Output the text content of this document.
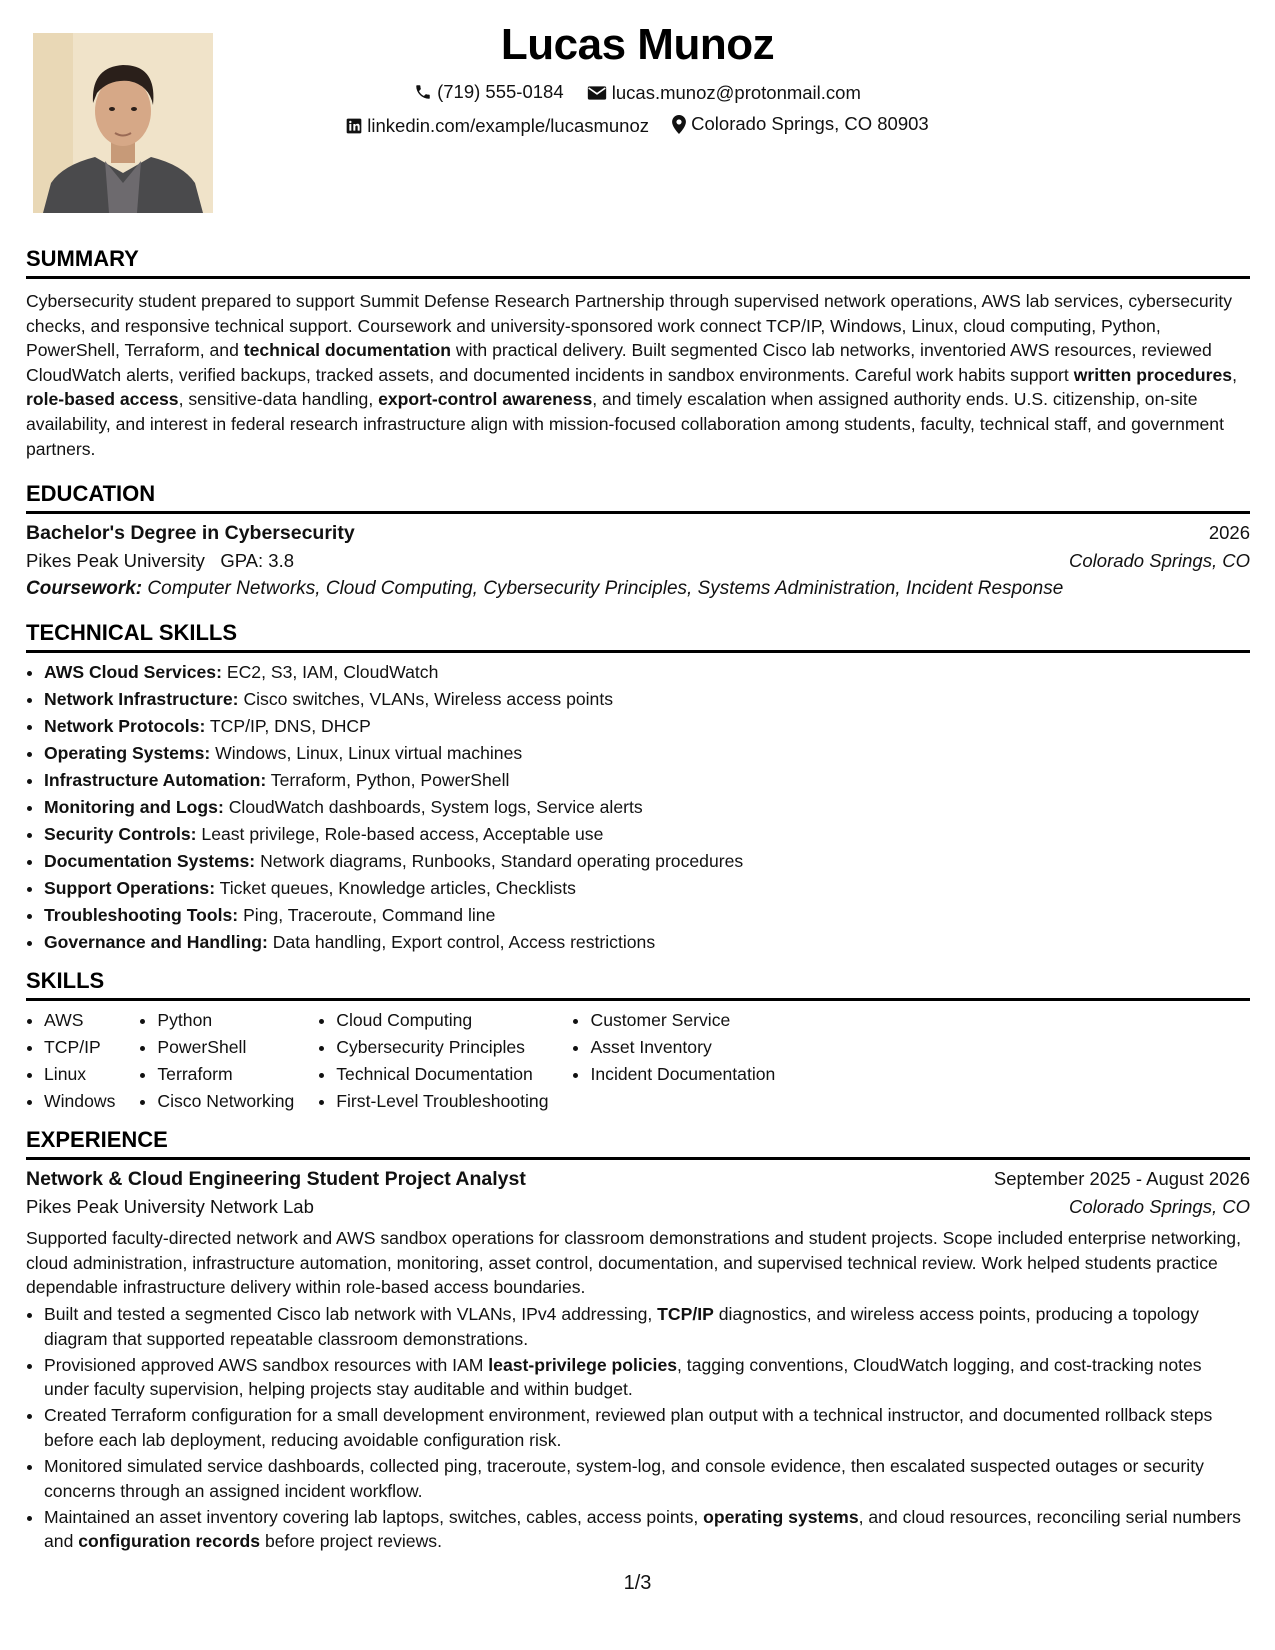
Lucas Munoz
(719) 555-0184
	lucas.munoz@protonmail.com
linkedin.com/example/lucasmunoz
Colorado Springs, CO 80903
SUMMARY

Cybersecurity student prepared to support Summit Defense Research Partnership through supervised network operations, AWS lab services, cybersecurity checks, and responsive technical support. Coursework and university-sponsored work connect TCP/IP, Windows, Linux, cloud computing, Python, PowerShell, Terraform, and technical documentation with practical delivery. Built segmented Cisco lab networks, inventoried AWS resources, reviewed CloudWatch alerts, verified backups, tracked assets, and documented incidents in sandbox environments. Careful work habits support written procedures, role-based access, sensitive-data handling, export-control awareness, and timely escalation when assigned authority ends. U.S. citizenship, on-site availability, and interest in federal research infrastructure align with mission-focused collaboration among students, faculty, technical staff, and government partners.

EDUCATION
Bachelor's Degree in Cybersecurity	2026
Pikes Peak University GPA: 3.8	Colorado Springs, CO
Coursework: Computer Networks, Cloud Computing, Cybersecurity Principles, Systems Administration, Incident Response
TECHNICAL SKILLS
• AWS Cloud Services: EC2, S3, IAM, CloudWatch
• Network Infrastructure: Cisco switches, VLANs, Wireless access points
• Network Protocols: TCP/IP, DNS, DHCP
• Operating Systems: Windows, Linux, Linux virtual machines
• Infrastructure Automation: Terraform, Python, PowerShell
• Monitoring and Logs: CloudWatch dashboards, System logs, Service alerts
• Security Controls: Least privilege, Role-based access, Acceptable use
• Documentation Systems: Network diagrams, Runbooks, Standard operating procedures
• Support Operations: Ticket queues, Knowledge articles, Checklists
• Troubleshooting Tools: Ping, Traceroute, Command line
• Governance and Handling: Data handling, Export control, Access restrictions
SKILLS
• AWS
• TCP/IP
• Linux
• Windows
• Python
• PowerShell
• Terraform
• Cisco Networking
• Cloud Computing
• Cybersecurity Principles
• Technical Documentation
• First-Level Troubleshooting
• Customer Service
• Asset Inventory
• Incident Documentation
EXPERIENCE
Network & Cloud Engineering Student Project Analyst	September 2025 - August 2026
Pikes Peak University Network Lab	Colorado Springs, CO

Supported faculty-directed network and AWS sandbox operations for classroom demonstrations and student projects. Scope included enterprise networking, cloud administration, infrastructure automation, monitoring, asset control, documentation, and supervised technical review. Work helped students practice dependable infrastructure delivery within role-based access boundaries.

• Built and tested a segmented Cisco lab network with VLANs, IPv4 addressing, TCP/IP diagnostics, and wireless access points, producing a topology diagram that supported repeatable classroom demonstrations.
• Provisioned approved AWS sandbox resources with IAM least-privilege policies, tagging conventions, CloudWatch logging, and cost-tracking notes under faculty supervision, helping projects stay auditable and within budget.
• Created Terraform configuration for a small development environment, reviewed plan output with a technical instructor, and documented rollback steps before each lab deployment, reducing avoidable configuration risk.
• Monitored simulated service dashboards, collected ping, traceroute, system-log, and console evidence, then escalated suspected outages or security concerns through an assigned incident workflow.
• Maintained an asset inventory covering lab laptops, switches, cables, access points, operating systems, and cloud resources, reconciling serial numbers and configuration records before project reviews.
1/3
